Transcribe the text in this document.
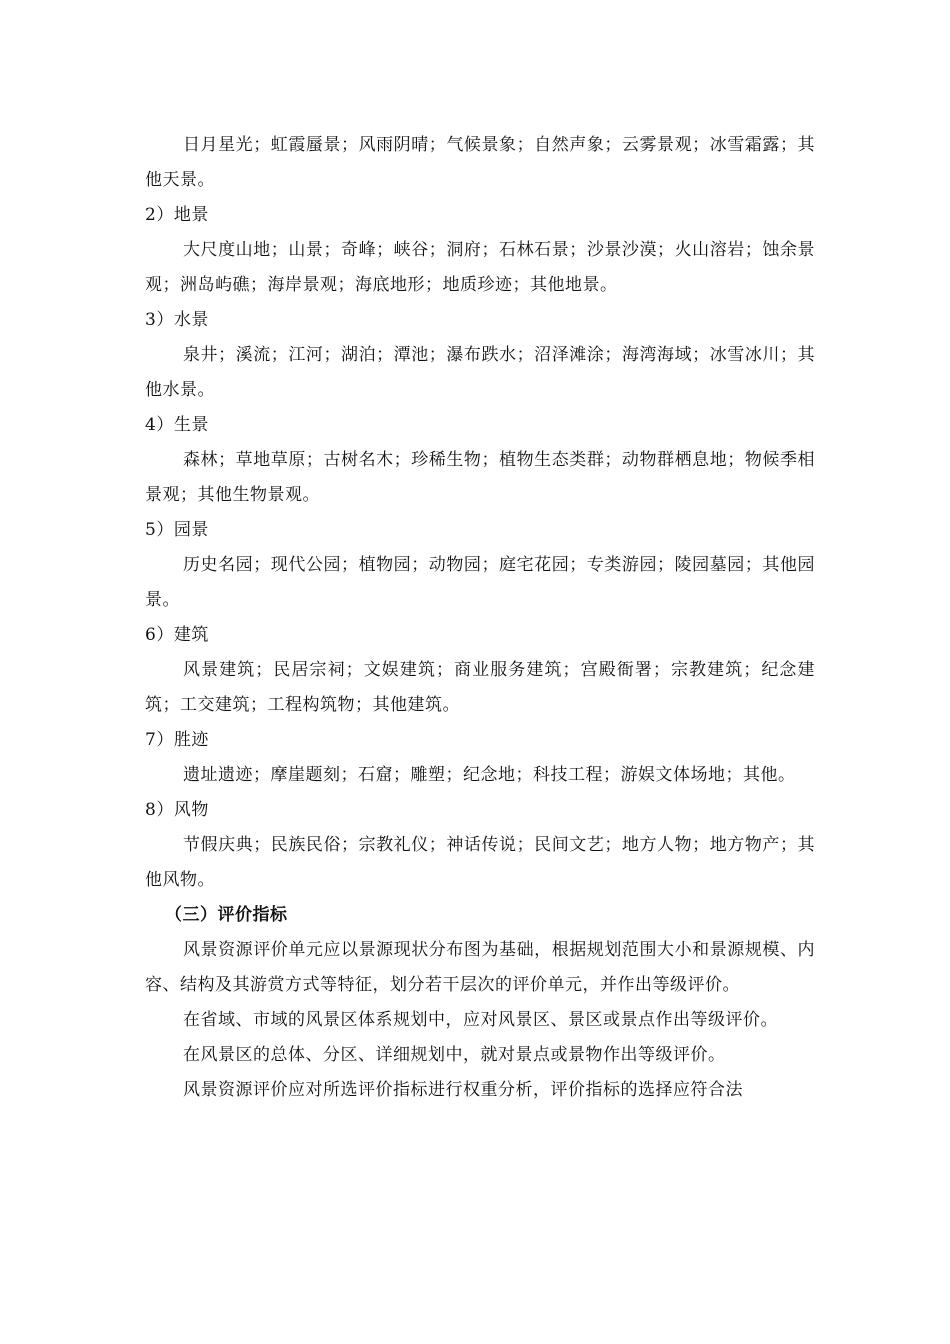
日月星光；虹霞蜃景；风雨阴晴；气候景象；自然声象；云雾景观；冰雪霜露；其他天景。

2）地景

大尺度山地；山景；奇峰；峡谷；洞府；石林石景；沙景沙漠；火山溶岩；蚀余景观；洲岛屿礁；海岸景观；海底地形；地质珍迹；其他地景。

3）水景

泉井；溪流；江河；湖泊；潭池；瀑布跌水；沼泽滩涂；海湾海域；冰雪冰川；其他水景。

4）生景

森林；草地草原；古树名木；珍稀生物；植物生态类群；动物群栖息地；物候季相景观；其他生物景观。

5）园景

历史名园；现代公园；植物园；动物园；庭宅花园；专类游园；陵园墓园；其他园景。

6）建筑

风景建筑；民居宗祠；文娱建筑；商业服务建筑；宫殿衙署；宗教建筑；纪念建筑；工交建筑；工程构筑物；其他建筑。

7）胜迹

遗址遗迹；摩崖题刻；石窟；雕塑；纪念地；科技工程；游娱文体场地；其他。

8）风物

节假庆典；民族民俗；宗教礼仪；神话传说；民间文艺；地方人物；地方物产；其他风物。

（三）评价指标

风景资源评价单元应以景源现状分布图为基础，根据规划范围大小和景源规模、内容、结构及其游赏方式等特征，划分若干层次的评价单元，并作出等级评价。

在省域、市域的风景区体系规划中，应对风景区、景区或景点作出等级评价。

在风景区的总体、分区、详细规划中，就对景点或景物作出等级评价。

风景资源评价应对所选评价指标进行权重分析，评价指标的选择应符合法
